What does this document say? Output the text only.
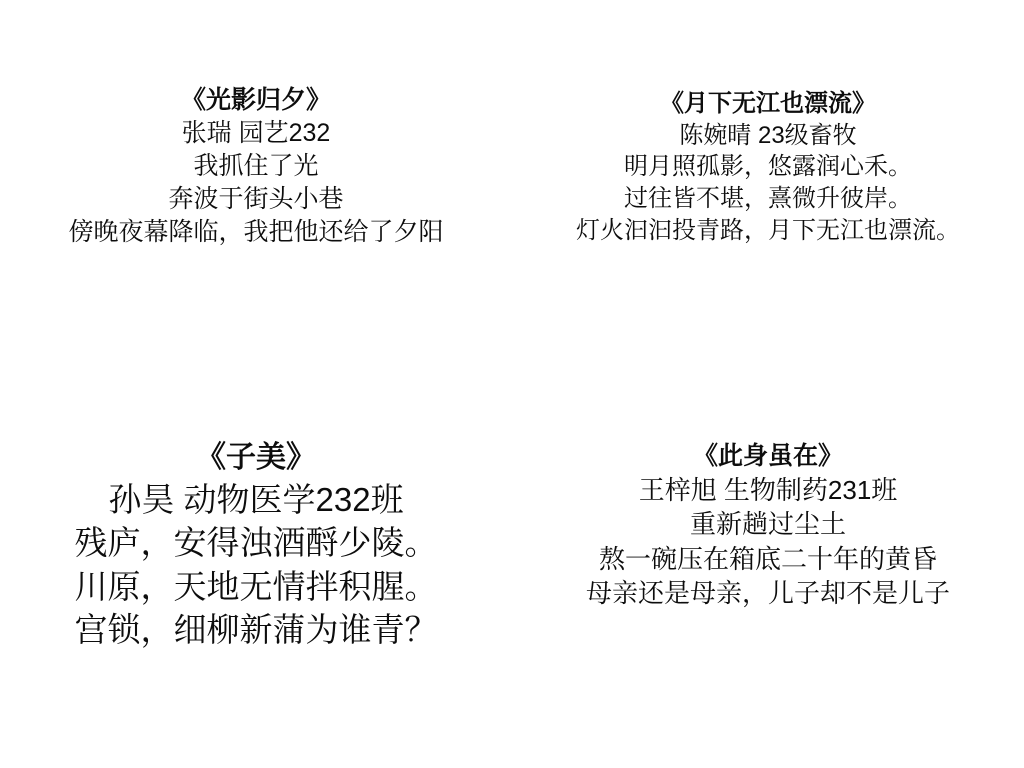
《光影归夕》
张瑞 园艺232
我抓住了光
奔波于街头小巷
傍晚夜幕降临，我把他还给了夕阳
《月下无江也漂流》
陈婉晴 23级畜牧
明月照孤影，悠露润心禾。
过往皆不堪，熹微升彼岸。
灯火汩汩投青路，月下无江也漂流。
《子美》
孙昊 动物医学232班
残庐，安得浊酒酹少陵。
川原，天地无情拌积腥。
宫锁，细柳新蒲为谁青？
《此身虽在》
王梓旭 生物制药231班
重新趟过尘土
熬一碗压在箱底二十年的黄昏
母亲还是母亲，儿子却不是儿子
